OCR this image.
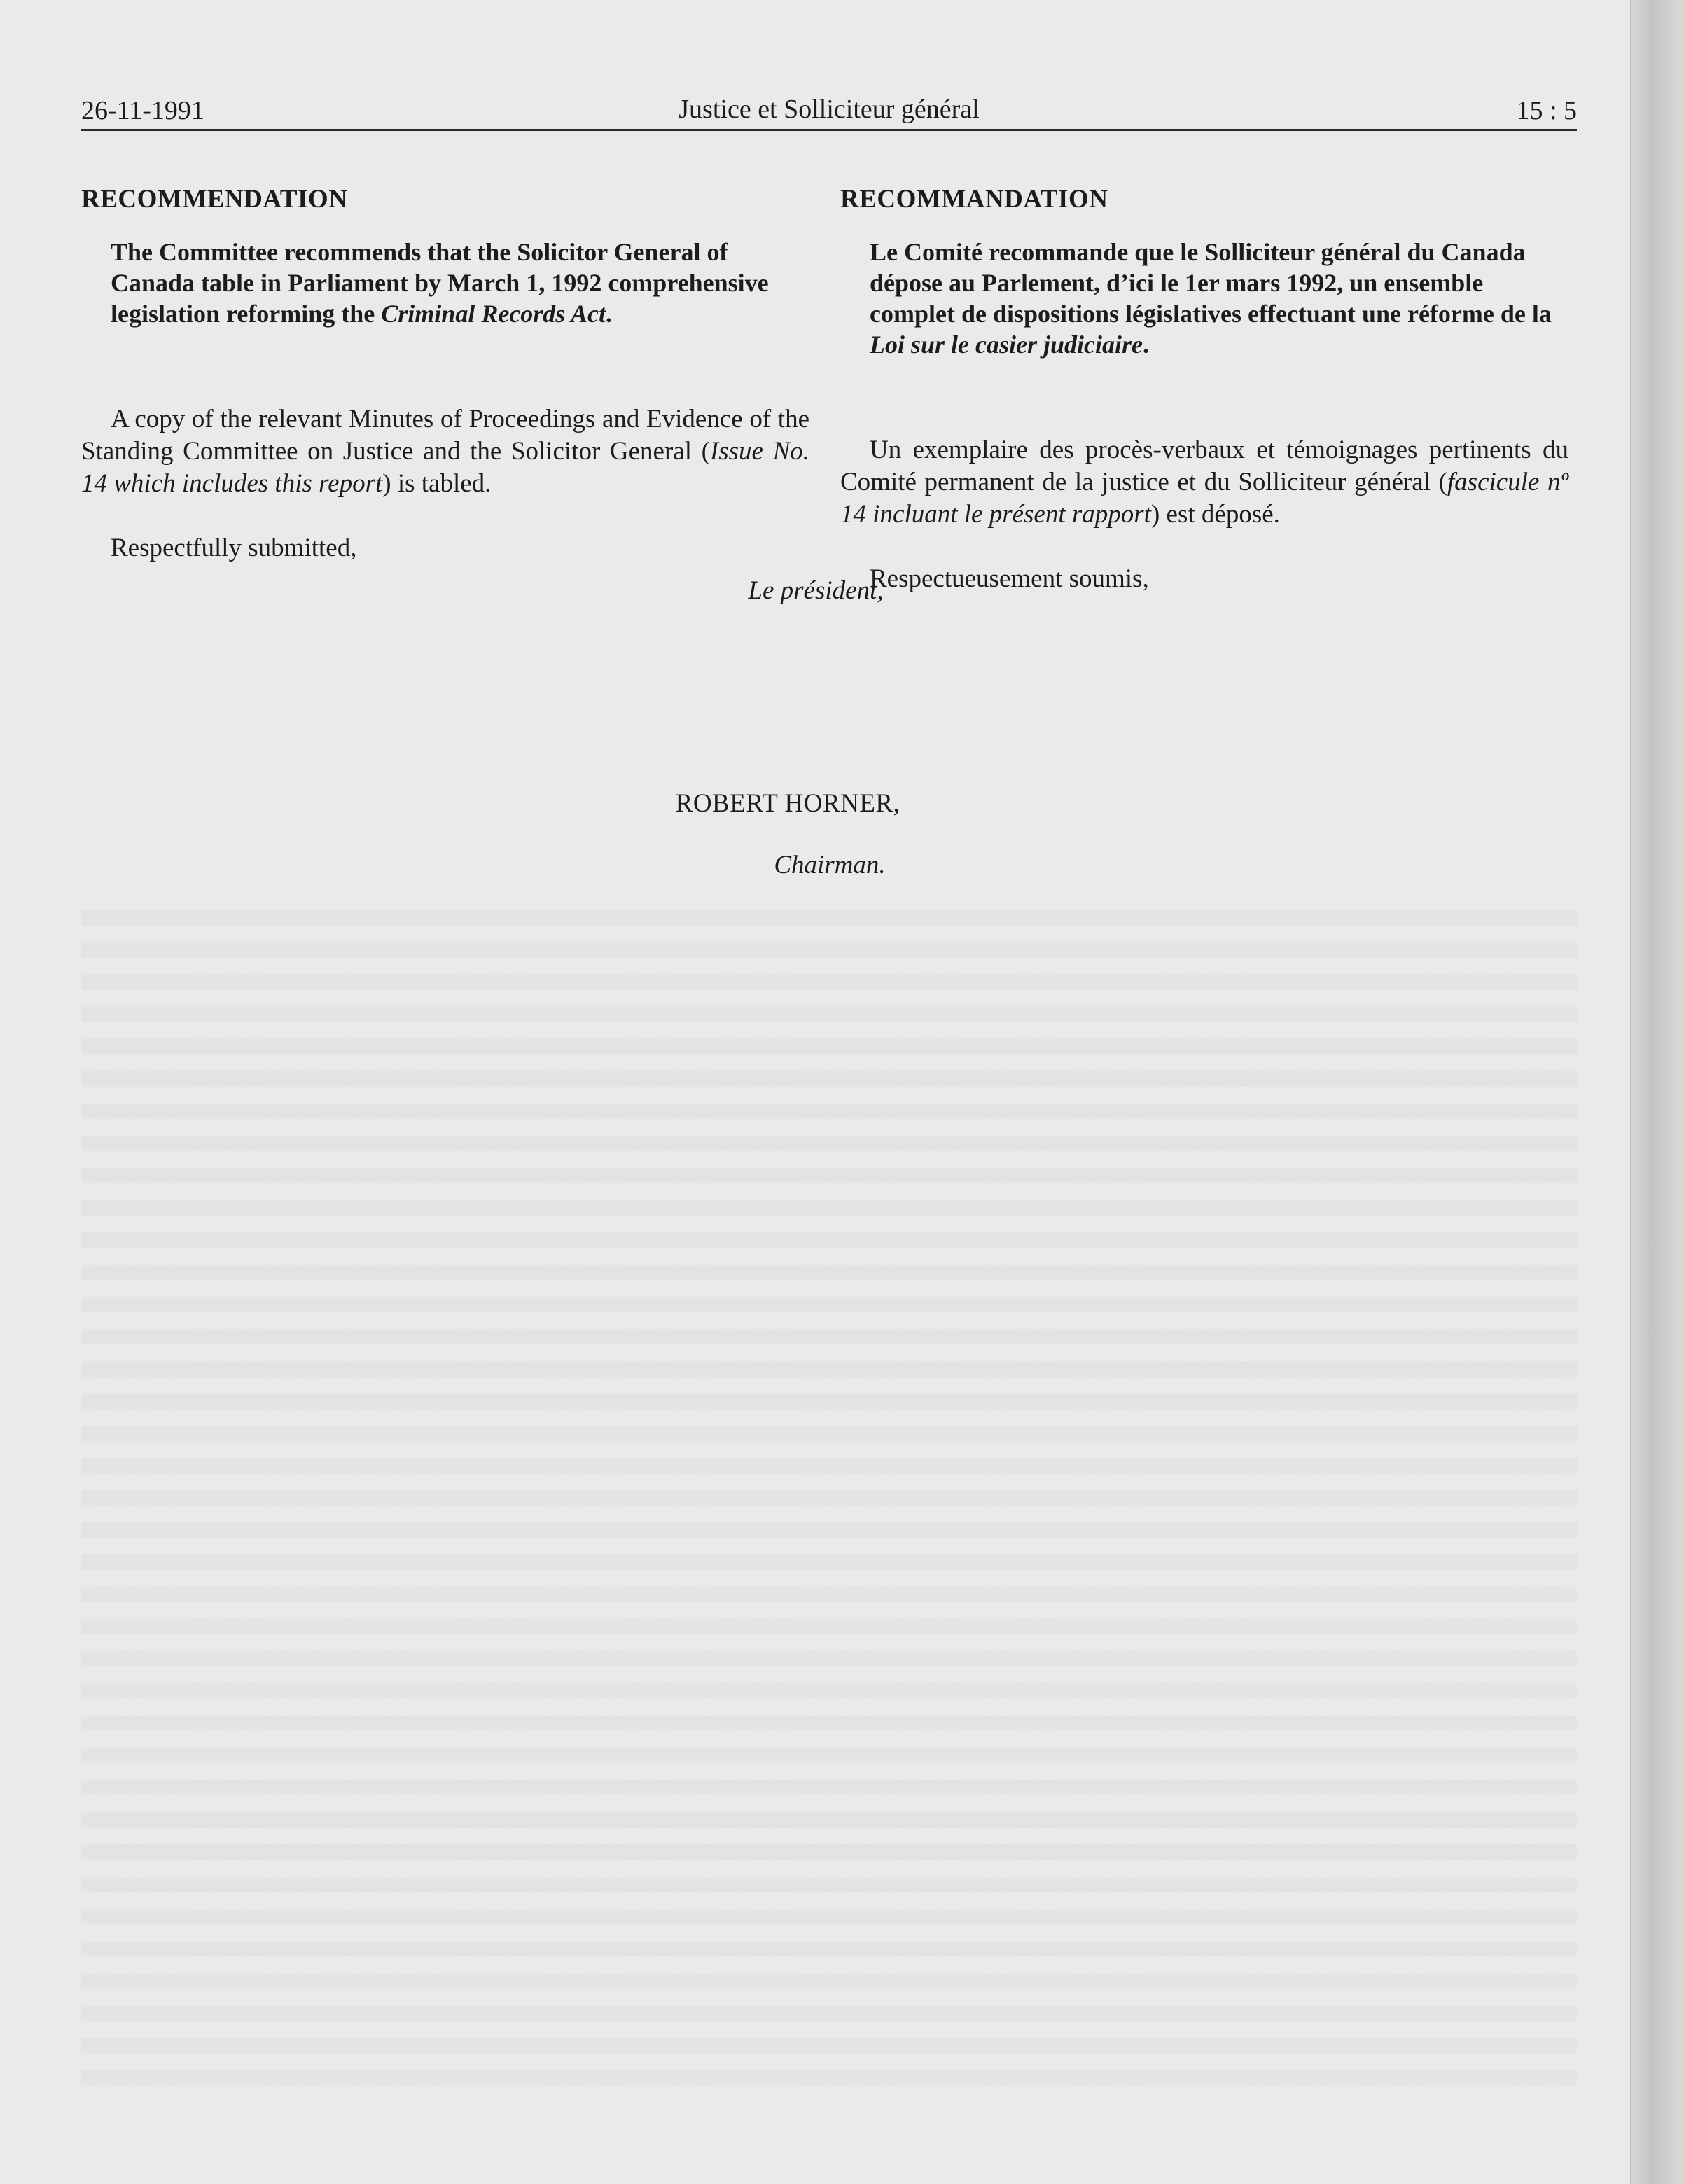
26-11-1991	Justice et Solliciteur général	15 : 5
RECOMMENDATION

The Committee recommends that the Solicitor General of Canada table in Parliament by March 1, 1992 comprehensive legislation reforming the Criminal Records Act.

A copy of the relevant Minutes of Proceedings and Evidence of the Standing Committee on Justice and the Solicitor General (Issue No. 14 which includes this report) is tabled.

Respectfully submitted,

RECOMMANDATION

Le Comité recommande que le Solliciteur général du Canada dépose au Parlement, d’ici le 1er mars 1992, un ensemble complet de dispositions législatives effectuant une réforme de la Loi sur le casier judiciaire.

Un exemplaire des procès-verbaux et témoignages pertinents du Comité permanent de la justice et du Solliciteur général (fascicule nº 14 incluant le présent rapport) est déposé.

Respectueusement soumis,

Le président,
ROBERT HORNER,
Chairman.
